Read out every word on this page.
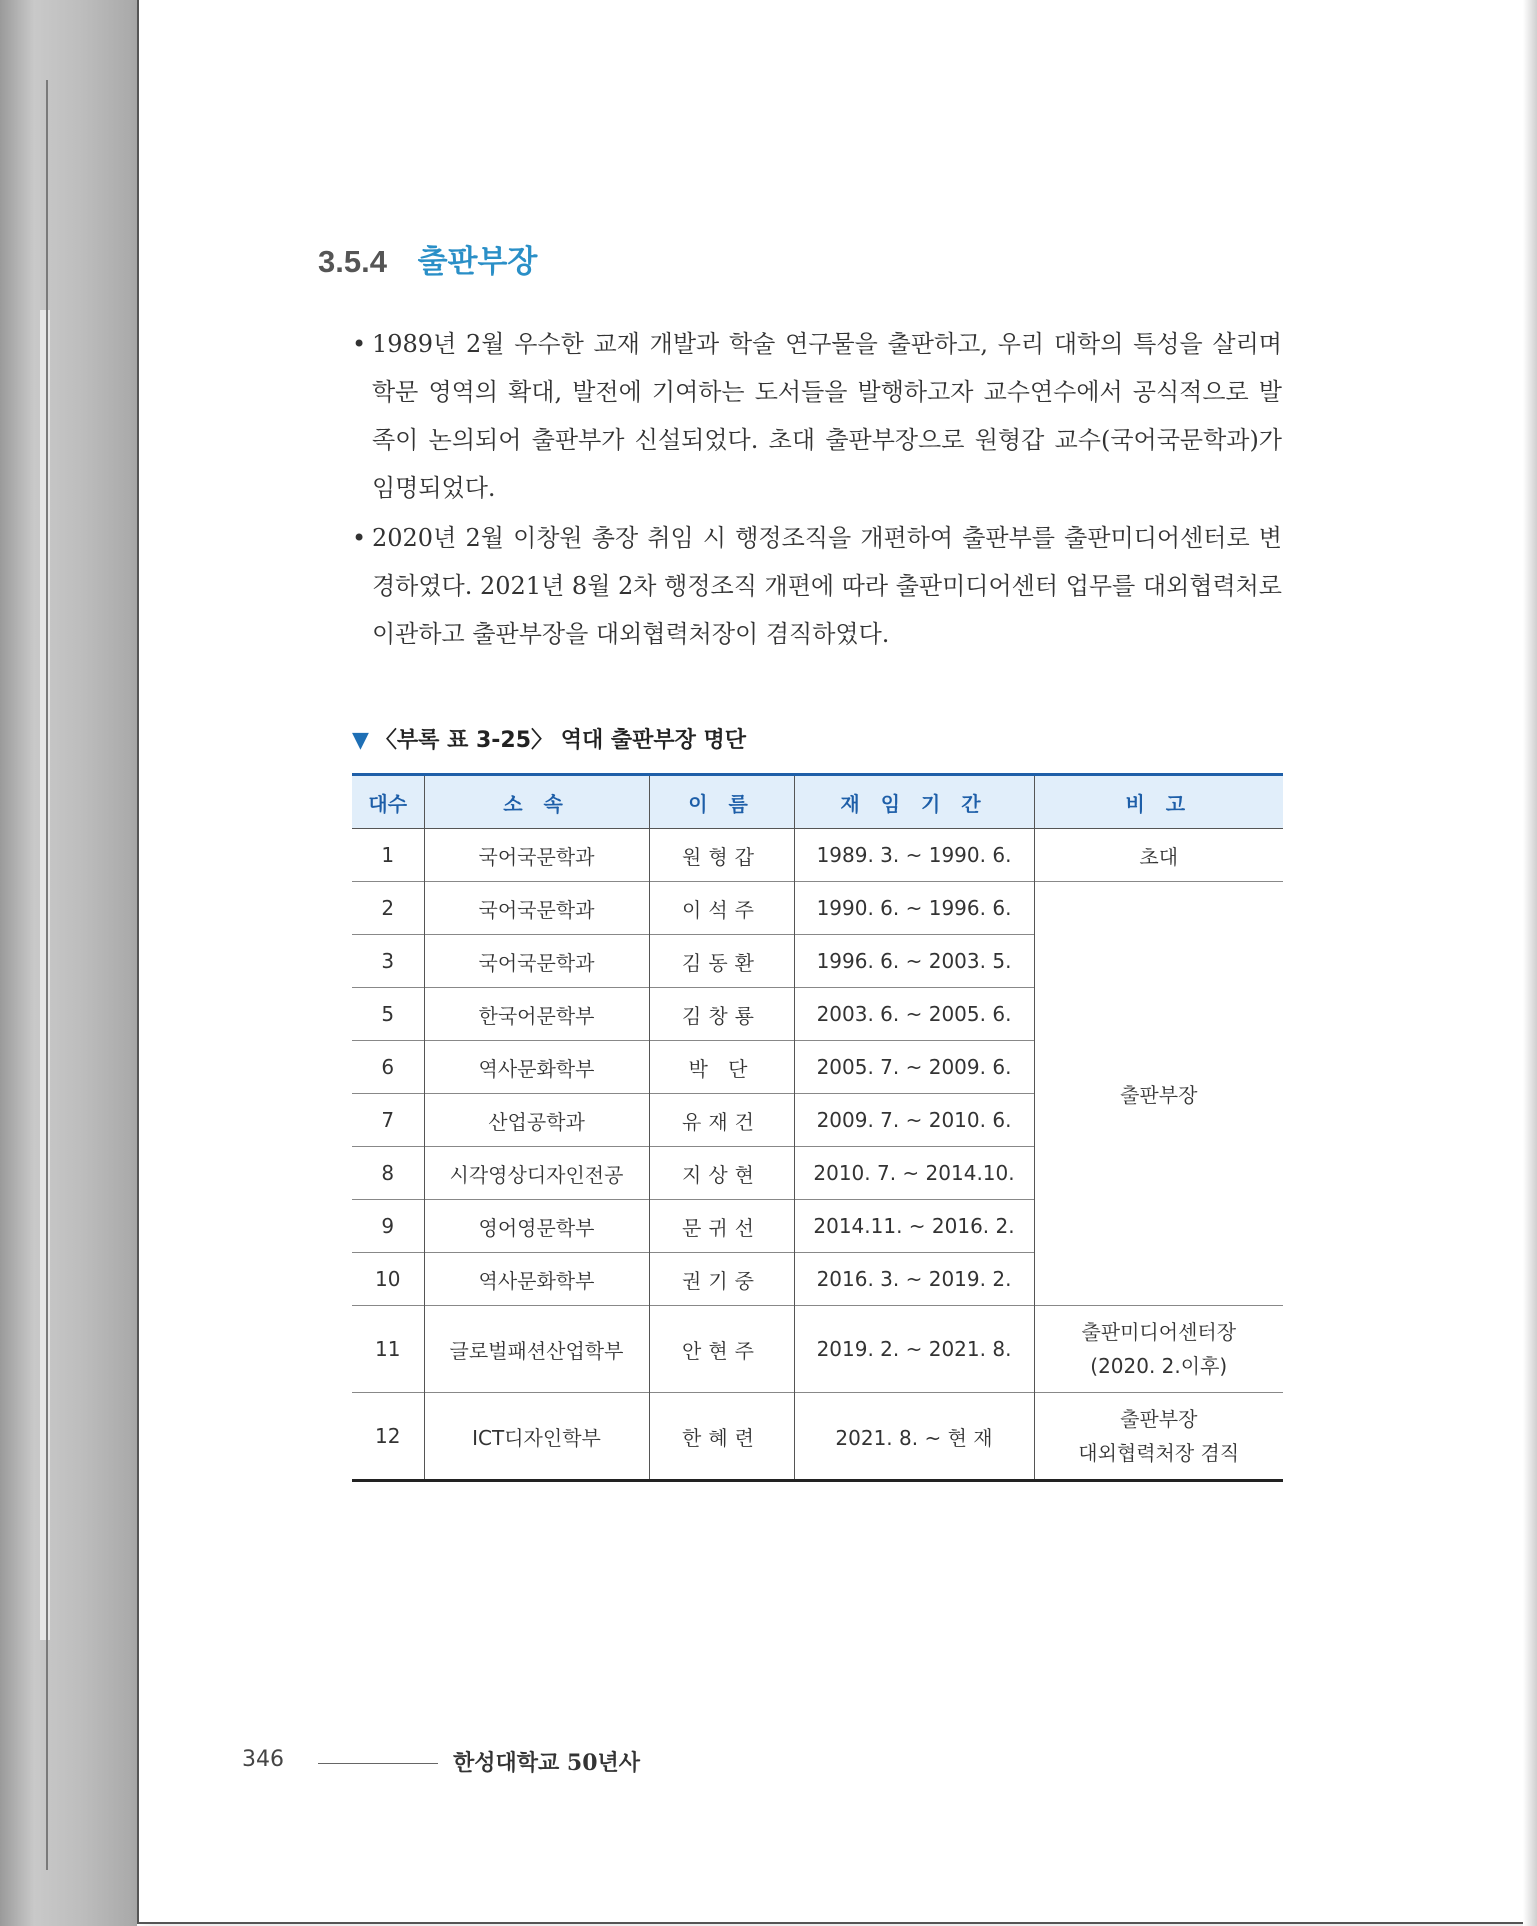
3.5.4 출판부장
• 1989년 2월 우수한 교재 개발과 학술 연구물을 출판하고, 우리 대학의 특성을 살리며 학문 영역의 확대, 발전에 기여하는 도서들을 발행하고자 교수연수에서 공식적으로 발족이 논의되어 출판부가 신설되었다. 초대 출판부장으로 원형갑 교수(국어국문학과)가 임명되었다.
• 2020년 2월 이창원 총장 취임 시 행정조직을 개편하여 출판부를 출판미디어센터로 변경하였다. 2021년 8월 2차 행정조직 개편에 따라 출판미디어센터 업무를 대외협력처로 이관하고 출판부장을 대외협력처장이 겸직하였다.
▼ 〈부록 표 3-25〉 역대 출판부장 명단
대수	소 속	이 름	재 임 기 간	비 고
1	국어국문학과	원형갑	1989. 3. ~ 1990. 6.	초대
2	국어국문학과	이석주	1990. 6. ~ 1996. 6.	출판부장
3	국어국문학과	김동환	1996. 6. ~ 2003. 5.	
5	한국어문학부	김창룡	2003. 6. ~ 2005. 6.	
6	역사문화학부	박 단	2005. 7. ~ 2009. 6.	
7	산업공학과	유재건	2009. 7. ~ 2010. 6.	
8	시각영상디자인전공	지상현	2010. 7. ~ 2014.10.	
9	영어영문학부	문귀선	2014.11. ~ 2016. 2.	
10	역사문화학부	권기중	2016. 3. ~ 2019. 2.	
11	글로벌패션산업학부	안현주	2019. 2. ~ 2021. 8.	출판미디어센터장
(2020. 2.이후)

12	ICT디자인학부	한혜련	2021. 8. ~ 현 재	출판부장
대외협력처장 겸직
346	한성대학교 50년사
